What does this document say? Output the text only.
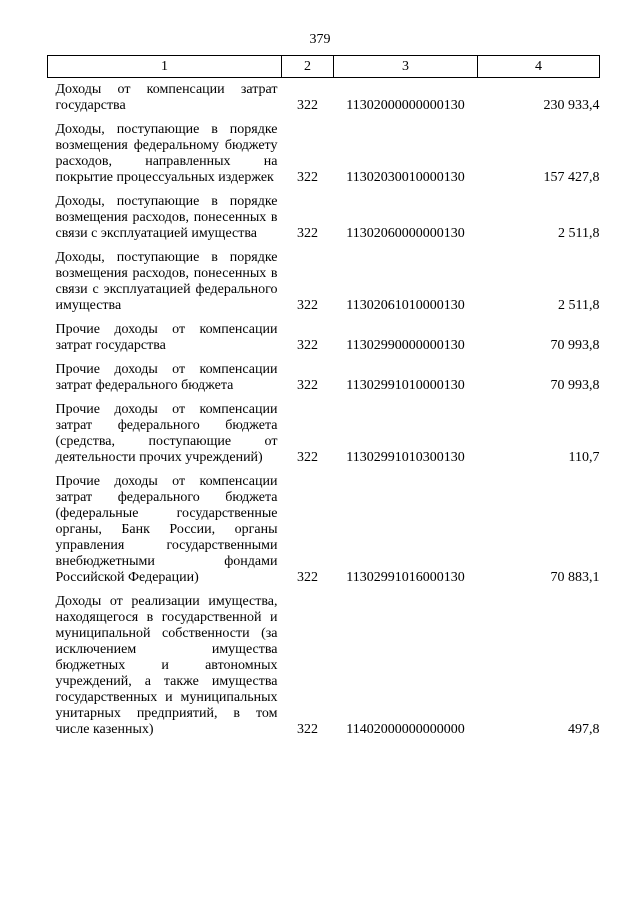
379
1	2	3	4

Доходы от компенсации затрат государства	322	11302000000000130	230 933,4

Доходы, поступающие в порядке возмещения федеральному бюджету расходов, направленных на покрытие процессуальных издержек	322	11302030010000130	157 427,8

Доходы, поступающие в порядке возмещения расходов, понесенных в связи с эксплуатацией имущества	322	11302060000000130	2 511,8

Доходы, поступающие в порядке возмещения расходов, понесенных в связи с эксплуатацией федерального имущества	322	11302061010000130	2 511,8

Прочие доходы от компенсации затрат государства	322	11302990000000130	70 993,8

Прочие доходы от компенсации затрат федерального бюджета	322	11302991010000130	70 993,8

Прочие доходы от компенсации затрат федерального бюджета (средства, поступающие от деятельности прочих учреждений)	322	11302991010300130	110,7

Прочие доходы от компенсации затрат федерального бюджета (федеральные государственные органы, Банк России, органы управления государственными внебюджетными фондами Российской Федерации)	322	11302991016000130	70 883,1

Доходы от реализации имущества, находящегося в государственной и муниципальной собственности (за исключением имущества бюджетных и автономных учреждений, а также имущества государственных и муниципальных унитарных предприятий, в том числе казенных)	322	11402000000000000	497,8
